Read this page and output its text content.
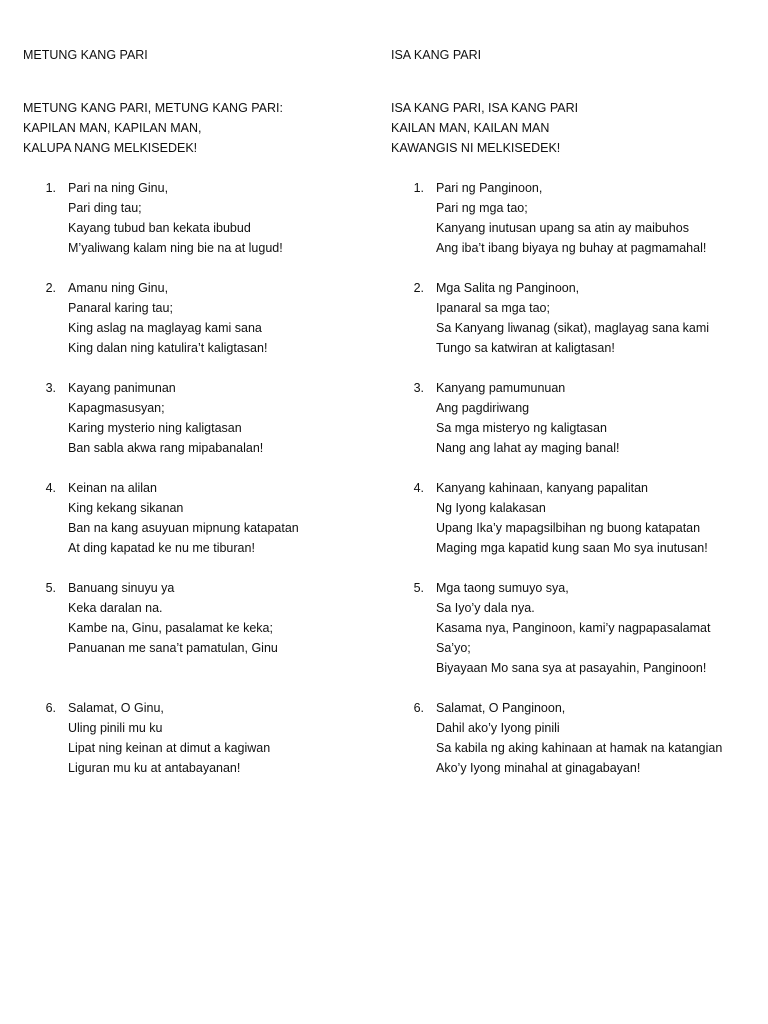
METUNG KANG PARI
METUNG KANG PARI, METUNG KANG PARI:
KAPILAN MAN, KAPILAN MAN,
KALUPA NANG MELKISEDEK!
1. Pari na ning Ginu,
Pari ding tau;
Kayang tubud ban kekata ibubud
M’yaliwang kalam ning bie na at lugud!
2. Amanu ning Ginu,
Panaral karing tau;
King aslag na maglayag kami sana
King dalan ning katulira’t kaligtasan!
3. Kayang panimunan
Kapagmasusyan;
Karing mysterio ning kaligtasan
Ban sabla akwa rang mipabanalan!
4. Keinan na alilan
King kekang sikanan
Ban na kang asuyuan mipnung katapatan
At ding kapatad ke nu me tiburan!
5. Banuang sinuyu ya
Keka daralan na.
Kambe na, Ginu, pasalamat ke keka;
Panuanan me sana’t pamatulan, Ginu
6. Salamat, O Ginu,
Uling pinili mu ku
Lipat ning keinan at dimut a kagiwan
Liguran mu ku at antabayanan!
ISA KANG PARI
ISA KANG PARI, ISA KANG PARI
KAILAN MAN, KAILAN MAN
KAWANGIS NI MELKISEDEK!
1. Pari ng Panginoon,
Pari ng mga tao;
Kanyang inutusan upang sa atin ay maibuhos
Ang iba’t ibang biyaya ng buhay at pagmamahal!
2. Mga Salita ng Panginoon,
Ipanaral sa mga tao;
Sa Kanyang liwanag (sikat), maglayag sana kami
Tungo sa katwiran at kaligtasan!
3. Kanyang pamumunuan
Ang pagdiriwang
Sa mga misteryo ng kaligtasan
Nang ang lahat ay maging banal!
4. Kanyang kahinaan, kanyang papalitan
Ng Iyong kalakasan
Upang Ika’y mapagsilbihan ng buong katapatan
Maging mga kapatid kung saan Mo sya inutusan!
5. Mga taong sumuyo sya,
Sa Iyo’y dala nya.
Kasama nya, Panginoon, kami’y nagpapasalamat
Sa’yo;
Biyayaan Mo sana sya at pasayahin, Panginoon!
6. Salamat, O Panginoon,
Dahil ako’y Iyong pinili
Sa kabila ng aking kahinaan at hamak na katangian
Ako’y Iyong minahal at ginagabayan!
